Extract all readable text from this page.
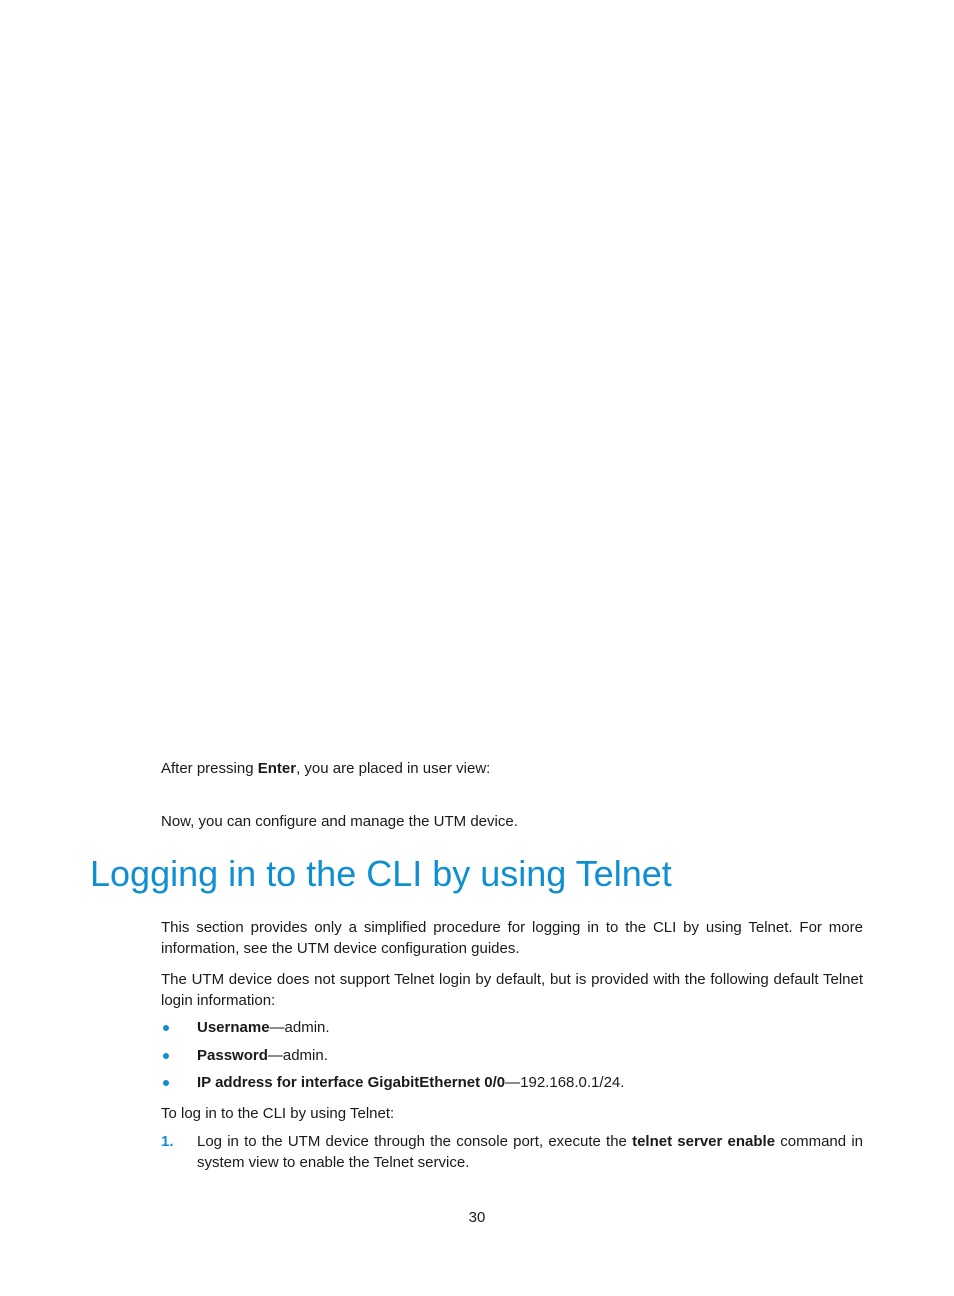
After pressing Enter, you are placed in user view:

Now, you can configure and manage the UTM device.

Logging in to the CLI by using Telnet

This section provides only a simplified procedure for logging in to the CLI by using Telnet. For more information, see the UTM device configuration guides.

The UTM device does not support Telnet login by default, but is provided with the following default Telnet login information:

Username—admin.
Password—admin.
IP address for interface GigabitEthernet 0/0—192.168.0.1/24.

To log in to the CLI by using Telnet:

1. Log in to the UTM device through the console port, execute the telnet server enable command in system view to enable the Telnet service.
30
